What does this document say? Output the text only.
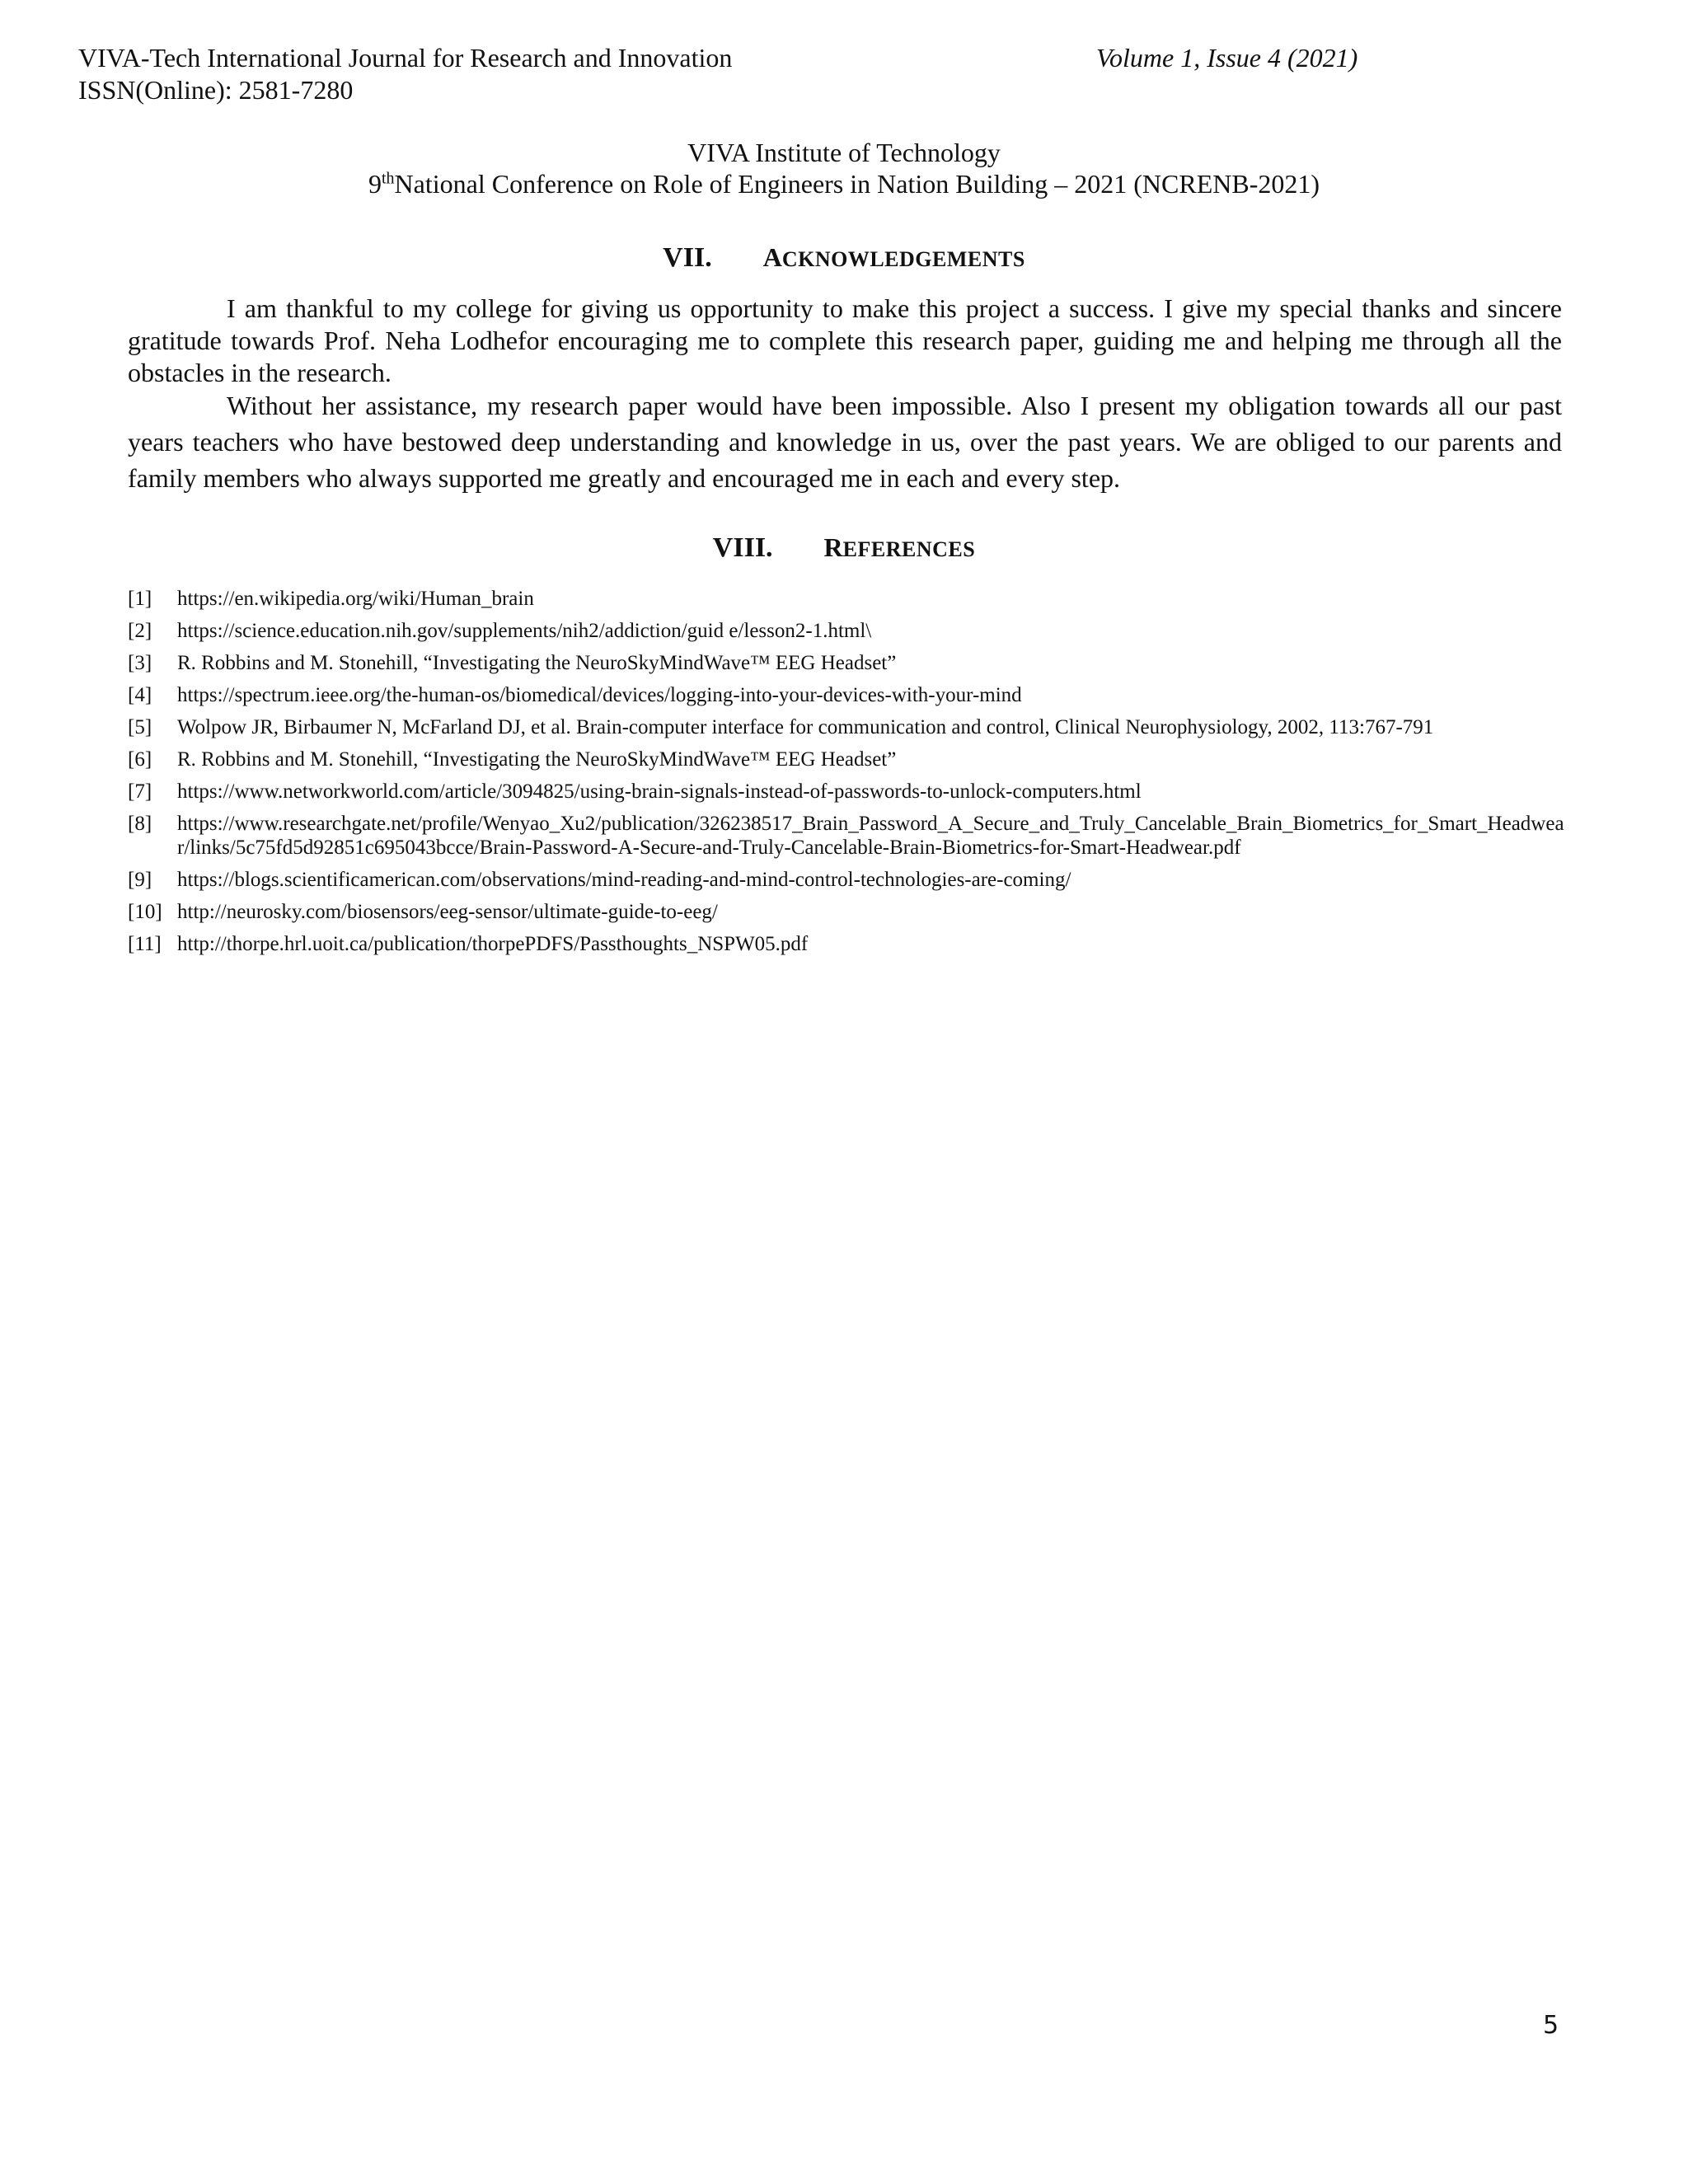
VIVA-Tech International Journal for Research and Innovation	Volume 1, Issue 4 (2021)
ISSN(Online): 2581-7280
VIVA Institute of Technology
9thNational Conference on Role of Engineers in Nation Building – 2021 (NCRENB-2021)
VII. ACKNOWLEDGEMENTS

I am thankful to my college for giving us opportunity to make this project a success. I give my special thanks and sincere gratitude towards Prof. Neha Lodhefor encouraging me to complete this research paper, guiding me and helping me through all the obstacles in the research.

Without her assistance, my research paper would have been impossible. Also I present my obligation towards all our past years teachers who have bestowed deep understanding and knowledge in us, over the past years. We are obliged to our parents and family members who always supported me greatly and encouraged me in each and every step.

VIII. REFERENCES
[1]	https://en.wikipedia.org/wiki/Human_brain
[2]	https://science.education.nih.gov/supplements/nih2/addiction/guid e/lesson2-1.html\
[3]	R. Robbins and M. Stonehill, “Investigating the NeuroSkyMindWave™ EEG Headset”
[4]	https://spectrum.ieee.org/the-human-os/biomedical/devices/logging-into-your-devices-with-your-mind
[5]	Wolpow JR, Birbaumer N, McFarland DJ, et al. Brain-computer interface for communication and control, Clinical Neurophysiology, 2002, 113:767-791
[6]	R. Robbins and M. Stonehill, “Investigating the NeuroSkyMindWave™ EEG Headset”
[7]	https://www.networkworld.com/article/3094825/using-brain-signals-instead-of-passwords-to-unlock-computers.html
[8]	https://www.researchgate.net/profile/Wenyao_Xu2/publication/326238517_Brain_Password_A_Secure_and_Truly_Cancelable_Brain_Biometrics_for_Smart_Headwear/links/5c75fd5d92851c695043bcce/Brain-Password-A-Secure-and-Truly-Cancelable-Brain-Biometrics-for-Smart-Headwear.pdf
[9]	https://blogs.scientificamerican.com/observations/mind-reading-and-mind-control-technologies-are-coming/
[10] http://neurosky.com/biosensors/eeg-sensor/ultimate-guide-to-eeg/
[11] http://thorpe.hrl.uoit.ca/publication/thorpePDFS/Passthoughts_NSPW05.pdf
5
